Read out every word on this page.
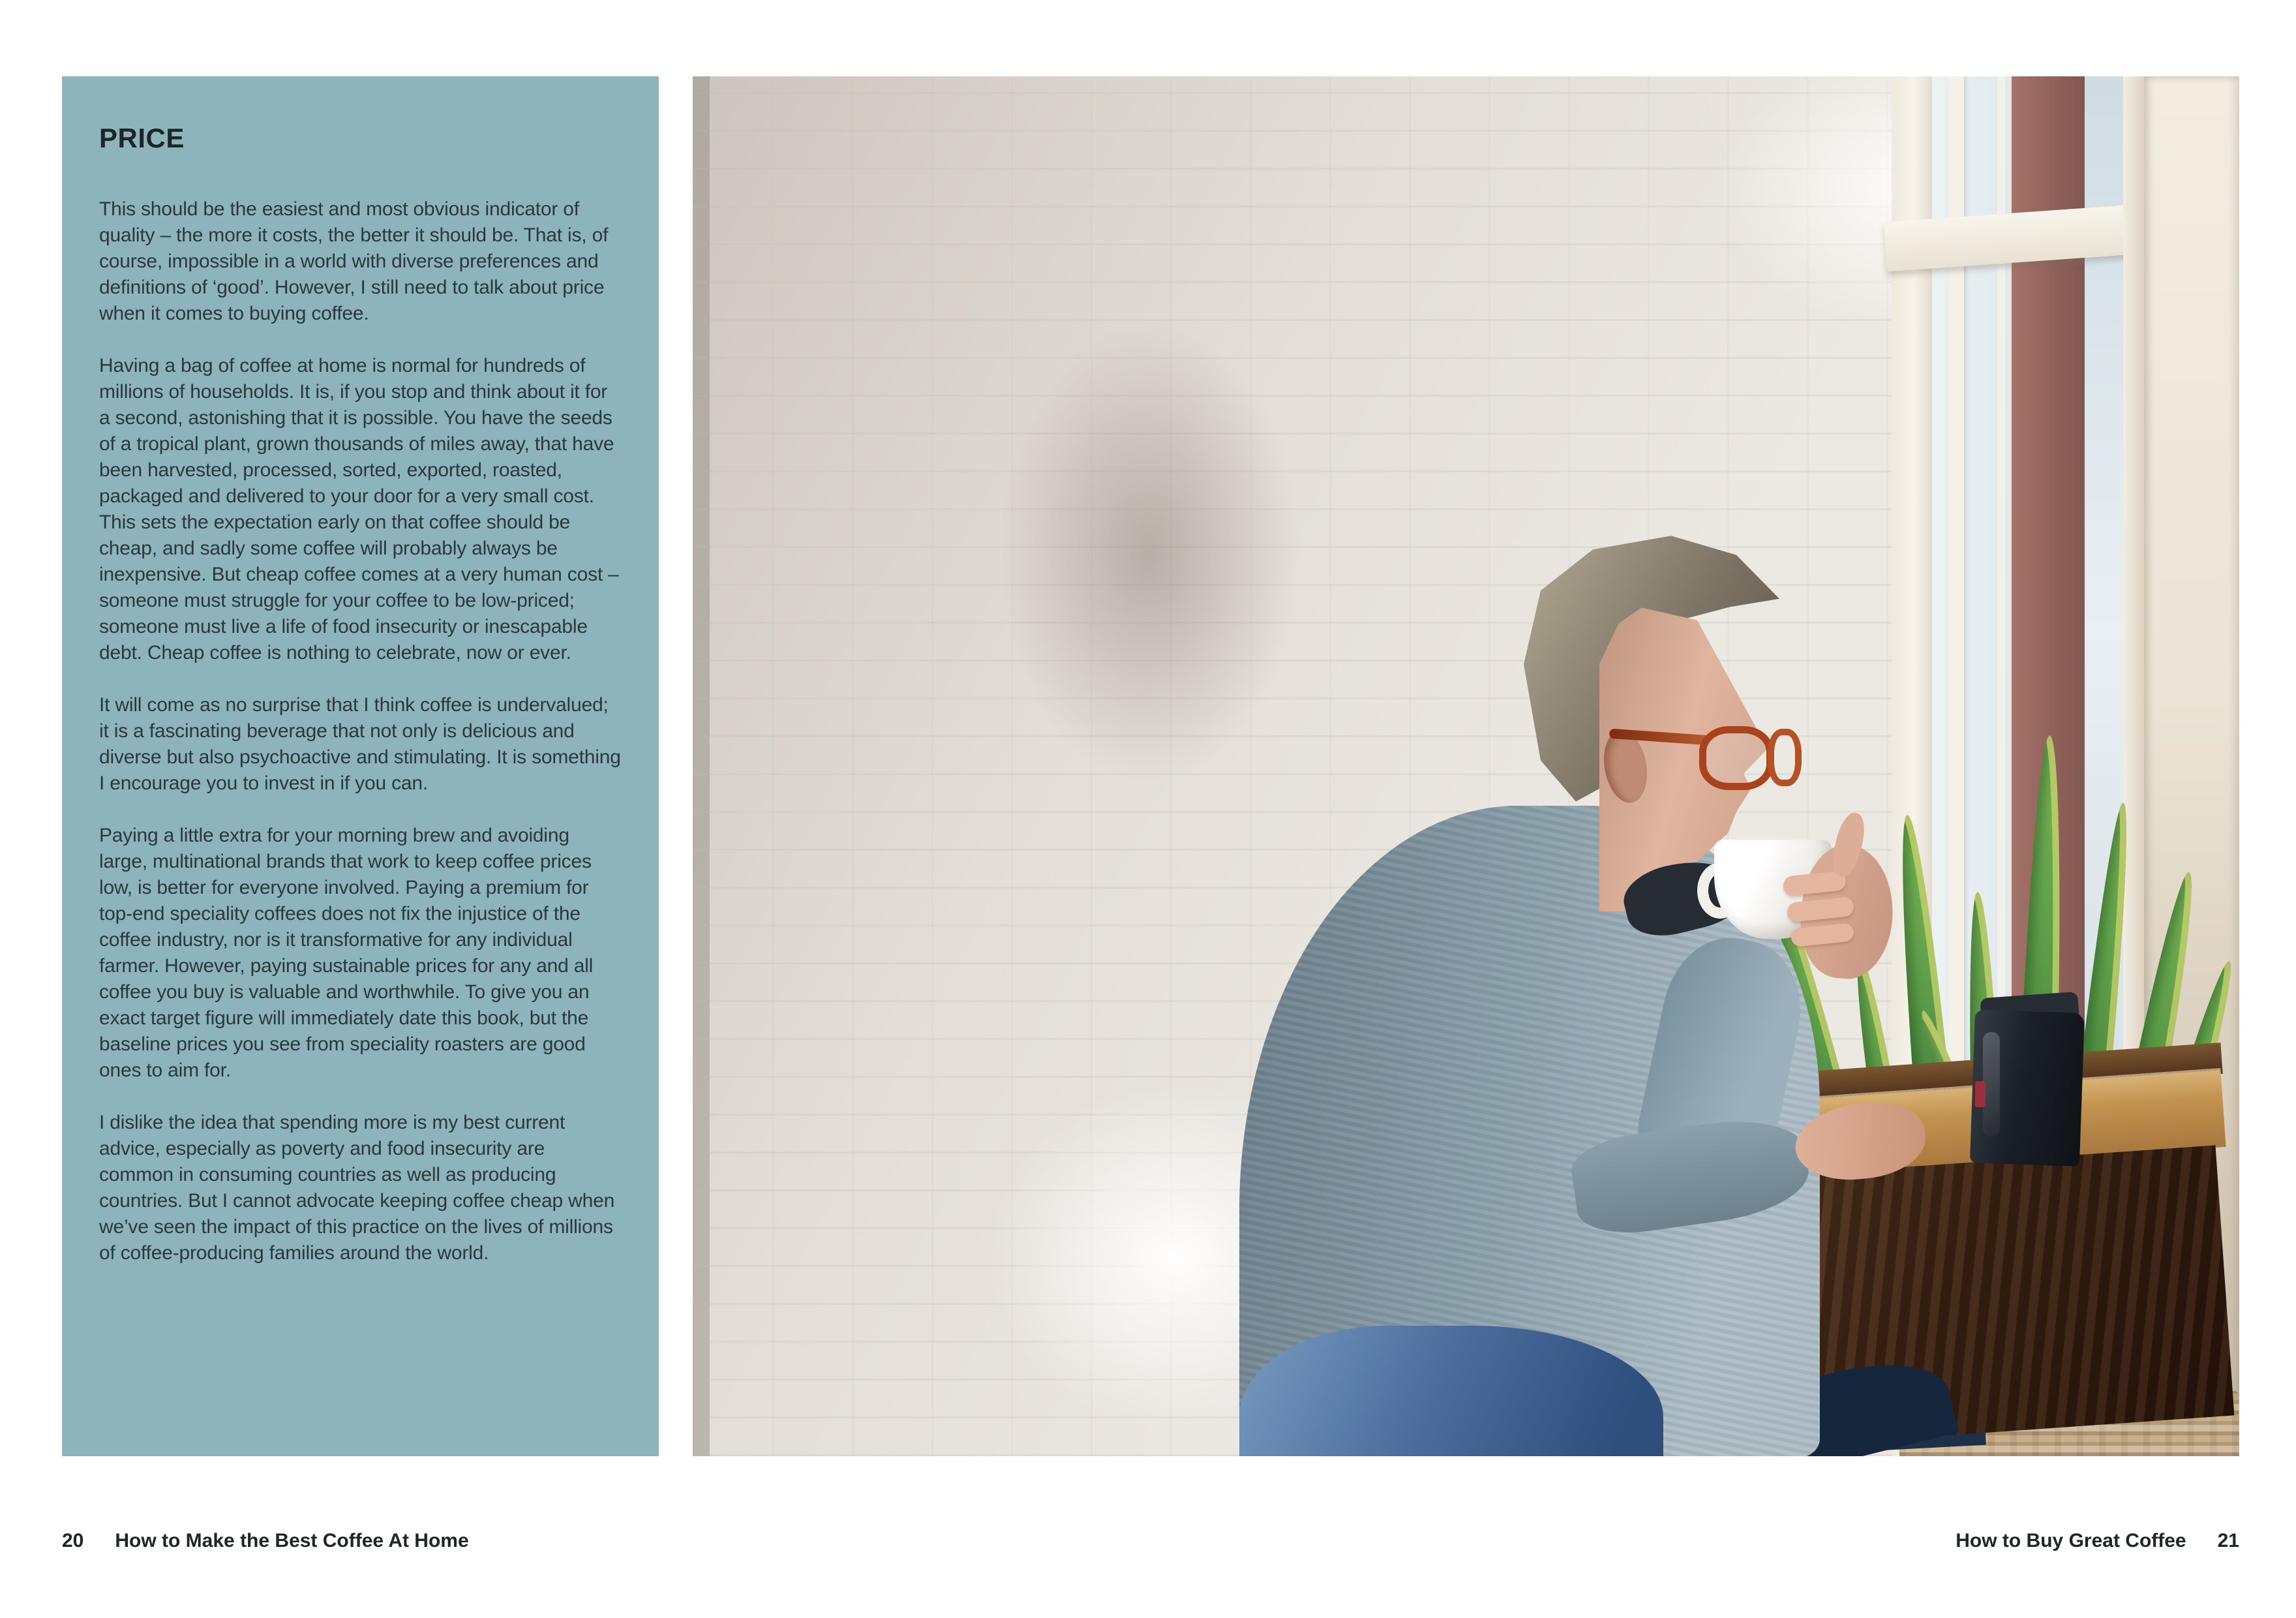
PRICE

This should be the easiest and most obvious indicator of quality – the more it costs, the better it should be. That is, of course, impossible in a world with diverse preferences and definitions of ‘good’. However, I still need to talk about price when it comes to buying coffee.

Having a bag of coffee at home is normal for hundreds of millions of households. It is, if you stop and think about it for a second, astonishing that it is possible. You have the seeds of a tropical plant, grown thousands of miles away, that have been harvested, processed, sorted, exported, roasted, packaged and delivered to your door for a very small cost. This sets the expectation early on that coffee should be cheap, and sadly some coffee will probably always be inexpensive. But cheap coffee comes at a very human cost – someone must struggle for your coffee to be low-priced; someone must live a life of food insecurity or inescapable debt. Cheap coffee is nothing to celebrate, now or ever.

It will come as no surprise that I think coffee is undervalued; it is a fascinating beverage that not only is delicious and diverse but also psychoactive and stimulating. It is something I encourage you to invest in if you can.

Paying a little extra for your morning brew and avoiding large, multinational brands that work to keep coffee prices low, is better for everyone involved. Paying a premium for top-end speciality coffees does not fix the injustice of the coffee industry, nor is it transformative for any individual farmer. However, paying sustainable prices for any and all coffee you buy is valuable and worthwhile. To give you an exact target figure will immediately date this book, but the baseline prices you see from speciality roasters are good ones to aim for.

I dislike the idea that spending more is my best current advice, especially as poverty and food insecurity are common in consuming countries as well as producing countries. But I cannot advocate keeping coffee cheap when we’ve seen the impact of this practice on the lives of millions of coffee-producing families around the world.

20 How to Make the Best Coffee At Home	How to Buy Great Coffee 21
